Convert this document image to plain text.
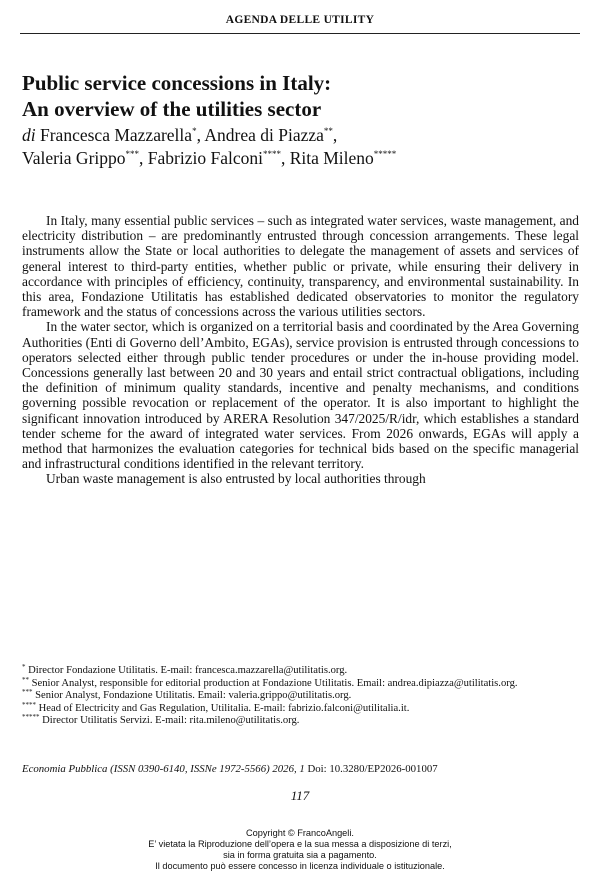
AGENDA DELLE UTILITY
Public service concessions in Italy:
An overview of the utilities sector
di Francesca Mazzarella*, Andrea di Piazza**,
Valeria Grippo***, Fabrizio Falconi****, Rita Mileno*****

In Italy, many essential public services – such as integrated water services, waste management, and electricity distribution – are predominantly entrusted through concession arrangements. These legal instruments allow the State or local authorities to delegate the management of assets and services of general interest to third-party entities, whether public or private, while ensuring their delivery in accordance with principles of efficiency, continuity, transparency, and environmental sustainability. In this area, Fondazione Utilitatis has established dedicated observatories to monitor the regulatory framework and the status of concessions across the various utilities sectors.

In the water sector, which is organized on a territorial basis and coordinated by the Area Governing Authorities (Enti di Governo dell’Ambito, EGAs), service provision is entrusted through concessions to operators selected either through public tender procedures or under the in-house providing model. Concessions generally last between 20 and 30 years and entail strict contractual obligations, including the definition of minimum quality standards, incentive and penalty mechanisms, and conditions governing possible revocation or replacement of the operator. It is also important to highlight the significant innovation introduced by ARERA Resolution 347/2025/R/idr, which establishes a standard tender scheme for the award of integrated water services. From 2026 onwards, EGAs will apply a method that harmonizes the evaluation categories for technical bids based on the specific managerial and infrastructural conditions identified in the relevant territory.

Urban waste management is also entrusted by local authorities through

* Director Fondazione Utilitatis. E-mail: francesca.mazzarella@utilitatis.org.
** Senior Analyst, responsible for editorial production at Fondazione Utilitatis. Email: andrea.dipiazza@utilitatis.org.
*** Senior Analyst, Fondazione Utilitatis. Email: valeria.grippo@utilitatis.org.
**** Head of Electricity and Gas Regulation, Utilitalia. E-mail: fabrizio.falconi@utilitalia.it.
***** Director Utilitatis Servizi. E-mail: rita.mileno@utilitatis.org.
Economia Pubblica (ISSN 0390-6140, ISSNe 1972-5566) 2026, 1 Doi: 10.3280/EP2026-001007
117
Copyright © FrancoAngeli.
E’ vietata la Riproduzione dell’opera e la sua messa a disposizione di terzi,
sia in forma gratuita sia a pagamento.
Il documento può essere concesso in licenza individuale o istituzionale.
